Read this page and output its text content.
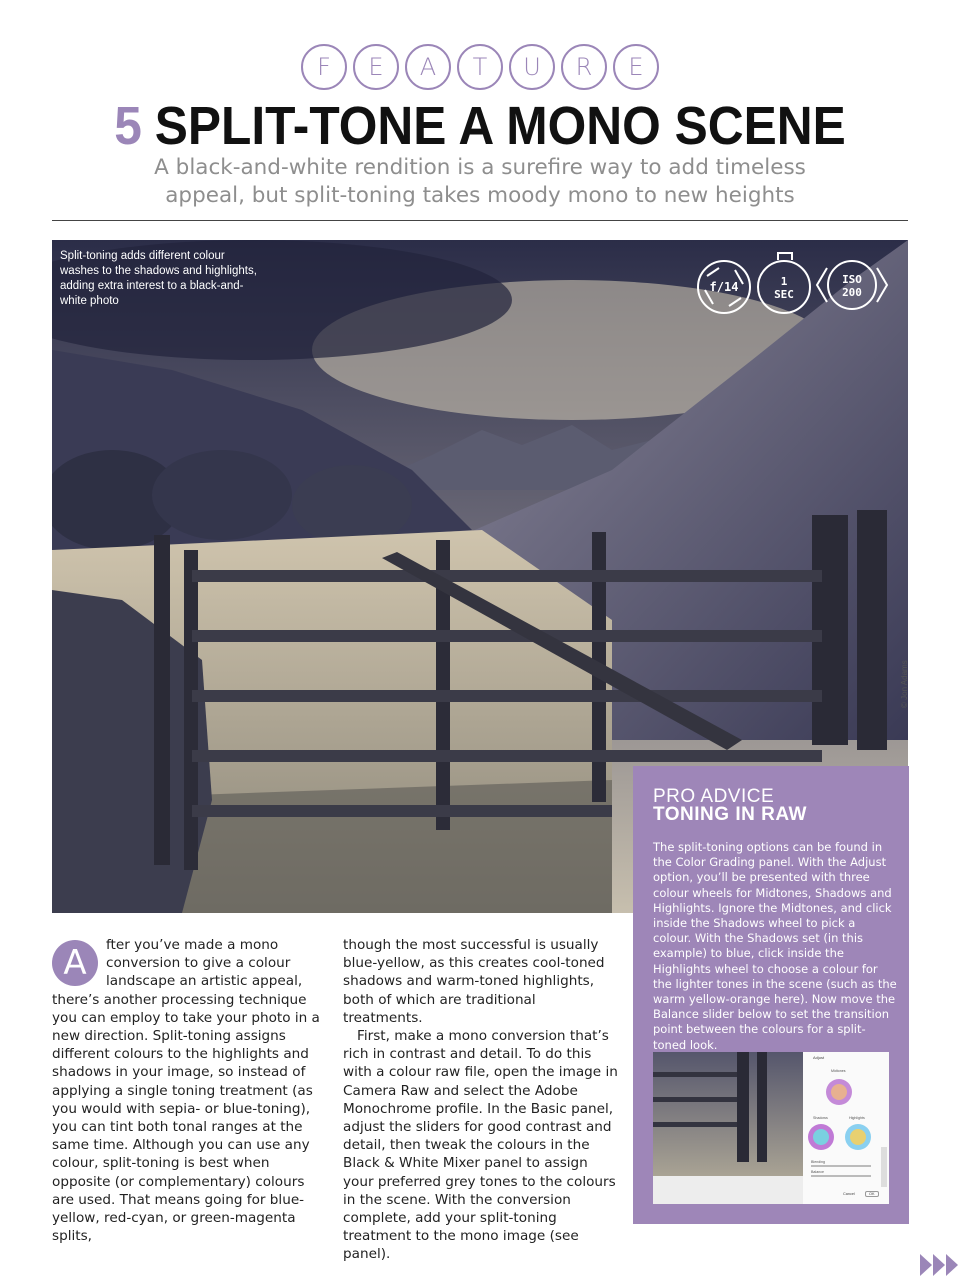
F E A T U R E
5 SPLIT-TONE A MONO SCENE
A black-and-white rendition is a surefire way to add timeless appeal, but split-toning takes moody mono to new heights
Split-toning adds different colour washes to the shadows and highlights, adding extra interest to a black-and-white photo
© Jon Adams
f/14	1
SEC
ISO
200
A	fter you’ve made a mono conversion to give a colour landscape an artistic appeal, there’s another processing technique you can employ to take your photo in a new direction. Split-toning assigns different colours to the highlights and shadows in your image, so instead of applying a single toning treatment (as you would with sepia- or blue-toning), you can tint both tonal ranges at the same time. Although you can use any colour, split-toning is best when opposite (or complementary) colours are used. That means going for blue-yellow, red-cyan, or green-magenta splits,

though the most successful is usually blue-yellow, as this creates cool-toned shadows and warm-toned highlights, both of which are traditional treatments.

First, make a mono conversion that’s rich in contrast and detail. To do this with a colour raw file, open the image in Camera Raw and select the Adobe Monochrome profile. In the Basic panel, adjust the sliders for good contrast and detail, then tweak the colours in the Black & White Mixer panel to assign your preferred grey tones to the colours in the scene. With the conversion complete, add your split-toning treatment to the mono image (see panel).

PRO ADVICE
TONING IN RAW
The split-toning options can be found in the Color Grading panel. With the Adjust option, you’ll be presented with three colour wheels for Midtones, Shadows and Highlights. Ignore the Midtones, and click inside the Shadows wheel to pick a colour. With the Shadows set (in this example) to blue, click inside the Highlights wheel to choose a colour for the lighter tones in the scene (such as the warm yellow-orange here). Now move the Balance slider below to set the transition point between the colours for a split-toned look.
Adjust
Midtones
Shadows	Highlights
Blending
Balance
Cancel	OK
